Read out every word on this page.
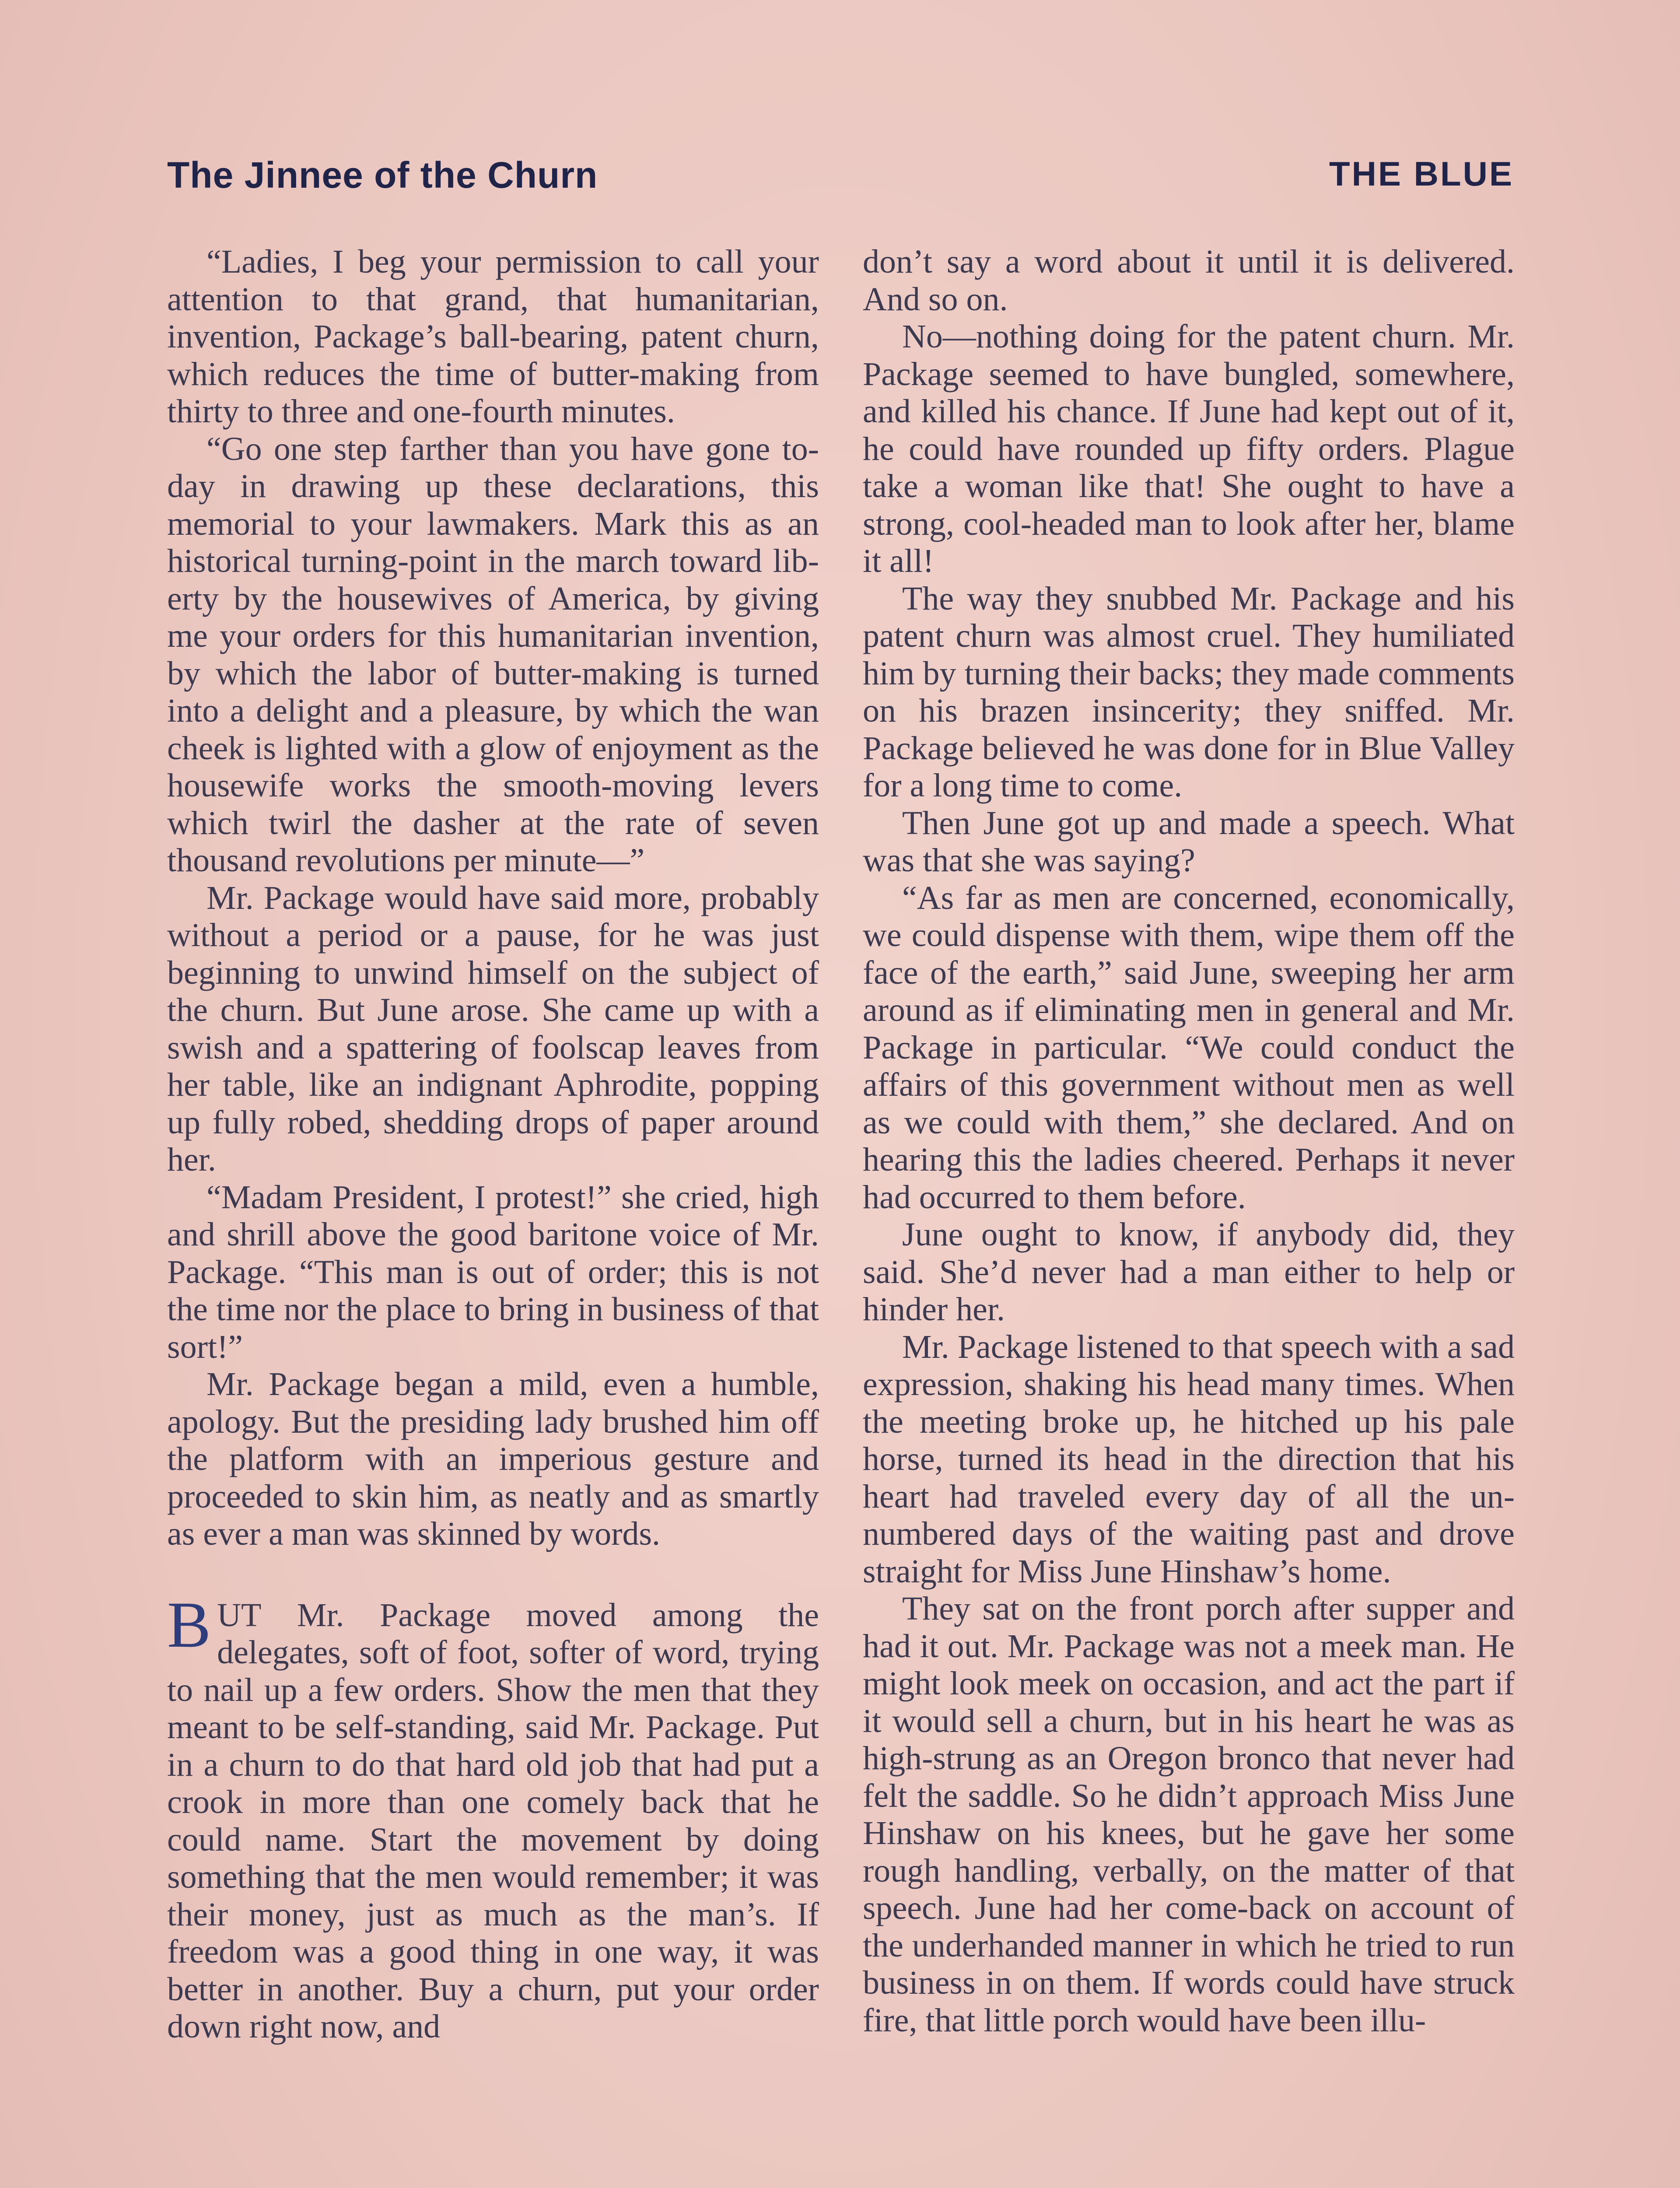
The Jinnee of the Churn	THE BLUE

“Ladies, I beg your permission to call your attention to that grand, that humanitarian, invention, Package’s ball-bearing, patent churn, which reduces the time of butter-making from thirty to three and one-fourth minutes.

“Go one step farther than you have gone to-day in drawing up these declarations, this memorial to your lawmakers. Mark this as an historical turning-point in the march toward liberty by the housewives of America, by giving me your orders for this humanitarian invention, by which the labor of butter-making is turned into a delight and a pleasure, by which the wan cheek is lighted with a glow of enjoyment as the housewife works the smooth-moving levers which twirl the dasher at the rate of seven thousand revolutions per minute—”

Mr. Package would have said more, probably without a period or a pause, for he was just beginning to unwind himself on the subject of the churn. But June arose. She came up with a swish and a spattering of foolscap leaves from her table, like an indignant Aphrodite, popping up fully robed, shedding drops of paper around her.

“Madam President, I protest!” she cried, high and shrill above the good baritone voice of Mr. Package. “This man is out of order; this is not the time nor the place to bring in business of that sort!”

Mr. Package began a mild, even a humble, apology. But the presiding lady brushed him off the platform with an imperious gesture and proceeded to skin him, as neatly and as smartly as ever a man was skinned by words.

BUT Mr. Package moved among the delegates, soft of foot, softer of word, trying to nail up a few orders. Show the men that they meant to be self-standing, said Mr. Package. Put in a churn to do that hard old job that had put a crook in more than one comely back that he could name. Start the movement by doing something that the men would remember; it was their money, just as much as the man’s. If freedom was a good thing in one way, it was better in another. Buy a churn, put your order down right now, and

don’t say a word about it until it is delivered. And so on.

No—nothing doing for the patent churn. Mr. Package seemed to have bungled, somewhere, and killed his chance. If June had kept out of it, he could have rounded up fifty orders. Plague take a woman like that! She ought to have a strong, cool-headed man to look after her, blame it all!

The way they snubbed Mr. Package and his patent churn was almost cruel. They humiliated him by turning their backs; they made comments on his brazen insincerity; they sniffed. Mr. Package believed he was done for in Blue Valley for a long time to come.

Then June got up and made a speech. What was that she was saying?

“As far as men are concerned, economically, we could dispense with them, wipe them off the face of the earth,” said June, sweeping her arm around as if eliminating men in general and Mr. Package in particular. “We could conduct the affairs of this government without men as well as we could with them,” she declared. And on hearing this the ladies cheered. Perhaps it never had occurred to them before.

June ought to know, if anybody did, they said. She’d never had a man either to help or hinder her.

Mr. Package listened to that speech with a sad expression, shaking his head many times. When the meeting broke up, he hitched up his pale horse, turned its head in the direction that his heart had traveled every day of all the unnumbered days of the waiting past and drove straight for Miss June Hinshaw’s home.

They sat on the front porch after supper and had it out. Mr. Package was not a meek man. He might look meek on occasion, and act the part if it would sell a churn, but in his heart he was as high-strung as an Oregon bronco that never had felt the saddle. So he didn’t approach Miss June Hinshaw on his knees, but he gave her some rough handling, verbally, on the matter of that speech. June had her come-back on account of the underhanded manner in which he tried to run business in on them. If words could have struck fire, that little porch would have been illu-
